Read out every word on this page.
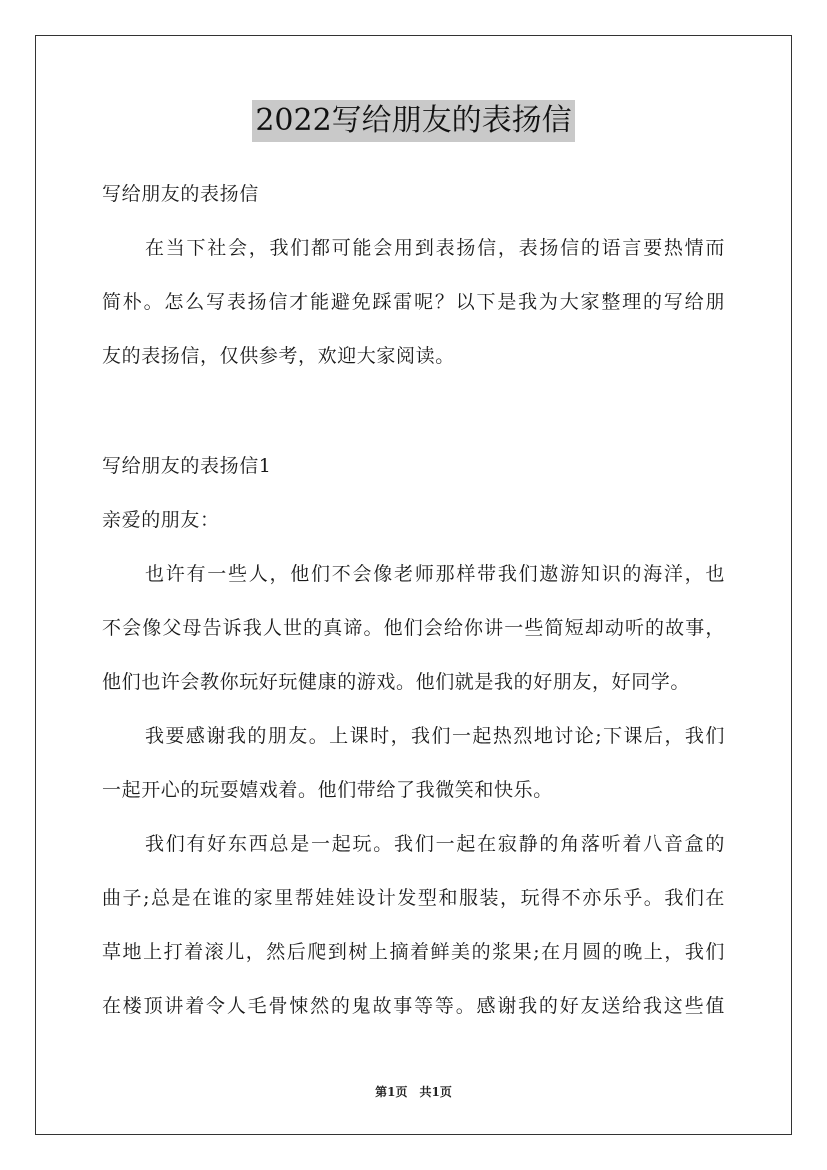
2022写给朋友的表扬信
写给朋友的表扬信
在当下社会，我们都可能会用到表扬信，表扬信的语言要热情而
简朴。怎么写表扬信才能避免踩雷呢？以下是我为大家整理的写给朋
友的表扬信，仅供参考，欢迎大家阅读。
写给朋友的表扬信1
亲爱的朋友：
也许有一些人，他们不会像老师那样带我们遨游知识的海洋，也
不会像父母告诉我人世的真谛。他们会给你讲一些简短却动听的故事，
他们也许会教你玩好玩健康的游戏。他们就是我的好朋友，好同学。
我要感谢我的朋友。上课时，我们一起热烈地讨论;下课后，我们
一起开心的玩耍嬉戏着。他们带给了我微笑和快乐。
我们有好东西总是一起玩。我们一起在寂静的角落听着八音盒的
曲子;总是在谁的家里帮娃娃设计发型和服装，玩得不亦乐乎。我们在
草地上打着滚儿，然后爬到树上摘着鲜美的浆果;在月圆的晚上，我们
在楼顶讲着令人毛骨悚然的鬼故事等等。感谢我的好友送给我这些值
第1页　共1页
